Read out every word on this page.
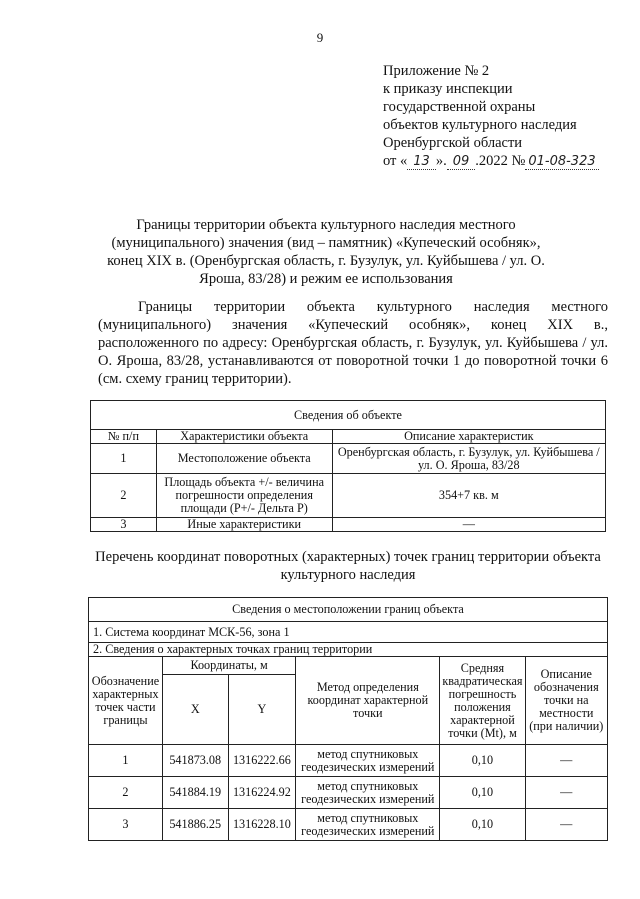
9
Приложение № 2
к приказу инспекции
государственной охраны
объектов культурного наследия
Оренбургской области
от « 13 ». 09 .2022 № 01-08-323
Границы территории объекта культурного наследия местного (муниципального) значения (вид – памятник) «Купеческий особняк», конец XIX в. (Оренбургская область, г. Бузулук, ул. Куйбышева / ул. О. Яроша, 83/28) и режим ее использования
Границы территории объекта культурного наследия местного (муниципального) значения «Купеческий особняк», конец XIX в., расположенного по адресу: Оренбургская область, г. Бузулук, ул. Куйбышева / ул. О. Яроша, 83/28, устанавливаются от поворотной точки 1 до поворотной точки 6 (см. схему границ территории).
Сведения об объекте		
№ п/п	Характеристики объекта	Описание характеристик
1	Местоположение объекта	Оренбургская область, г. Бузулук, ул. Куйбышева / ул. О. Яроша, 83/28
2	Площадь объекта +/- величина погрешности определения площади (P+/- Дельта P)	354+7 кв. м
3	Иные характеристики	—
Перечень координат поворотных (характерных) точек границ территории объекта культурного наследия
Сведения о местоположении границ объекта					
1. Система координат МСК-56, зона 1					
2. Сведения о характерных точках границ территории					
Обозначение характерных точек части границы	Координаты, м		Метод определения координат характерной точки	Средняя квадратическая погрешность положения характерной точки (Mt), м	Описание обозначения точки на местности (при наличии)
	X	Y			
1	541873.08	1316222.66	метод спутниковых геодезических измерений	0,10	—
2	541884.19	1316224.92	метод спутниковых геодезических измерений	0,10	—
3	541886.25	1316228.10	метод спутниковых геодезических измерений	0,10	—
